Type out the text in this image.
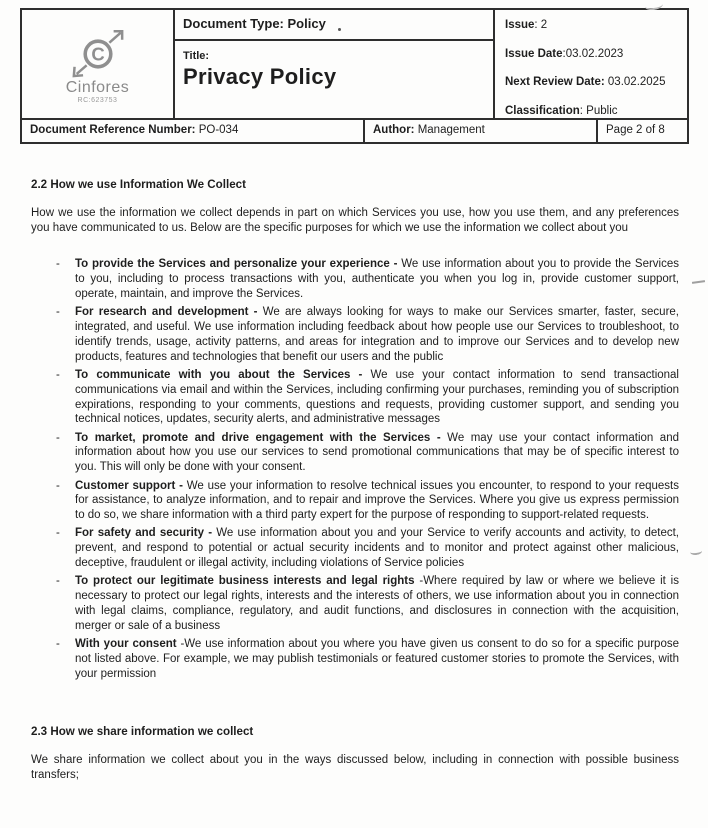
C
Cinfores
RC:623753
Document Type: Policy
Title:
Privacy Policy

Issue: 2

Issue Date:03.02.2023

Next Review Date: 03.02.2025

Classification: Public

Document Reference Number: PO-034	Author: Management	Page 2 of 8
2.2 How we use Information We Collect

How we use the information we collect depends in part on which Services you use, how you use them, and any preferences you have communicated to us. Below are the specific purposes for which we use the information we collect about you

- To provide the Services and personalize your experience - We use information about you to provide the Services to you, including to process transactions with you, authenticate you when you log in, provide customer support, operate, maintain, and improve the Services.
- For research and development - We are always looking for ways to make our Services smarter, faster, secure, integrated, and useful. We use information including feedback about how people use our Services to troubleshoot, to identify trends, usage, activity patterns, and areas for integration and to improve our Services and to develop new products, features and technologies that benefit our users and the public
- To communicate with you about the Services - We use your contact information to send transactional communications via email and within the Services, including confirming your purchases, reminding you of subscription expirations, responding to your comments, questions and requests, providing customer support, and sending you technical notices, updates, security alerts, and administrative messages
- To market, promote and drive engagement with the Services - We may use your contact information and information about how you use our services to send promotional communications that may be of specific interest to you. This will only be done with your consent.
- Customer support - We use your information to resolve technical issues you encounter, to respond to your requests for assistance, to analyze information, and to repair and improve the Services. Where you give us express permission to do so, we share information with a third party expert for the purpose of responding to support-related requests.
- For safety and security - We use information about you and your Service to verify accounts and activity, to detect, prevent, and respond to potential or actual security incidents and to monitor and protect against other malicious, deceptive, fraudulent or illegal activity, including violations of Service policies
- To protect our legitimate business interests and legal rights -Where required by law or where we believe it is necessary to protect our legal rights, interests and the interests of others, we use information about you in connection with legal claims, compliance, regulatory, and audit functions, and disclosures in connection with the acquisition, merger or sale of a business
- With your consent -We use information about you where you have given us consent to do so for a specific purpose not listed above. For example, we may publish testimonials or featured customer stories to promote the Services, with your permission
2.3 How we share information we collect

We share information we collect about you in the ways discussed below, including in connection with possible business transfers;
